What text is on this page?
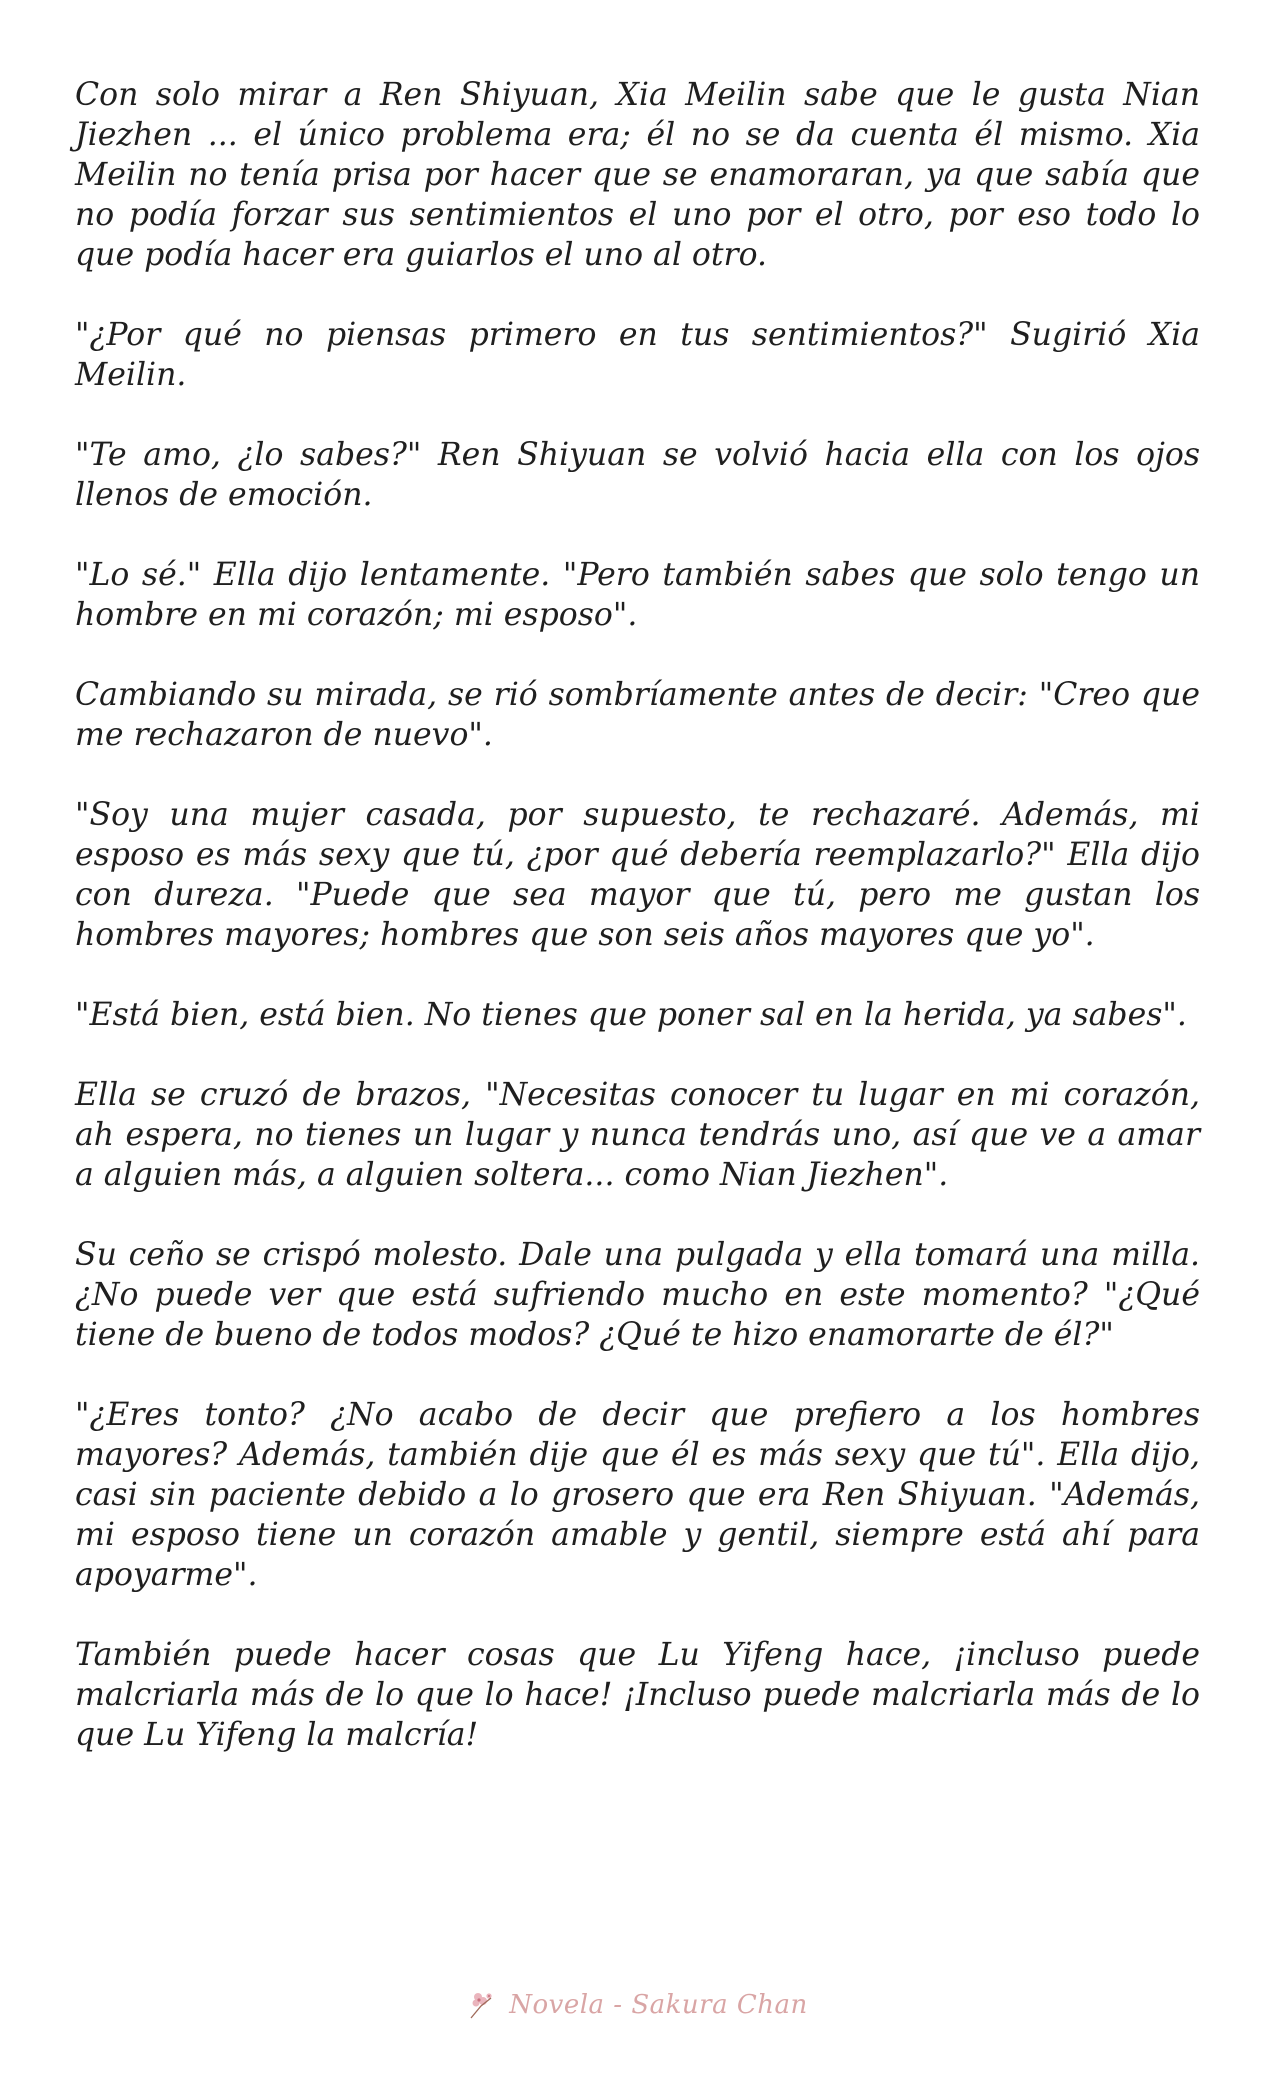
Con solo mirar a Ren Shiyuan, Xia Meilin sabe que le gusta Nian Jiezhen ... el único problema era; él no se da cuenta él mismo. Xia Meilin no tenía prisa por hacer que se enamoraran, ya que sabía que no podía forzar sus sentimientos el uno por el otro, por eso todo lo que podía hacer era guiarlos el uno al otro.

"¿Por qué no piensas primero en tus sentimientos?" Sugirió Xia Meilin.

"Te amo, ¿lo sabes?" Ren Shiyuan se volvió hacia ella con los ojos llenos de emoción.

"Lo sé." Ella dijo lentamente. "Pero también sabes que solo tengo un hombre en mi corazón; mi esposo".

Cambiando su mirada, se rió sombríamente antes de decir: "Creo que me rechazaron de nuevo".

"Soy una mujer casada, por supuesto, te rechazaré. Además, mi esposo es más sexy que tú, ¿por qué debería reemplazarlo?" Ella dijo con dureza. "Puede que sea mayor que tú, pero me gustan los hombres mayores; hombres que son seis años mayores que yo".

"Está bien, está bien. No tienes que poner sal en la herida, ya sabes".

Ella se cruzó de brazos, "Necesitas conocer tu lugar en mi corazón, ah espera, no tienes un lugar y nunca tendrás uno, así que ve a amar a alguien más, a alguien soltera... como Nian Jiezhen".

Su ceño se crispó molesto. Dale una pulgada y ella tomará una milla. ¿No puede ver que está sufriendo mucho en este momento? "¿Qué tiene de bueno de todos modos? ¿Qué te hizo enamorarte de él?"

"¿Eres tonto? ¿No acabo de decir que prefiero a los hombres mayores? Además, también dije que él es más sexy que tú". Ella dijo, casi sin paciente debido a lo grosero que era Ren Shiyuan. "Además, mi esposo tiene un corazón amable y gentil, siempre está ahí para apoyarme".

También puede hacer cosas que Lu Yifeng hace, ¡incluso puede malcriarla más de lo que lo hace! ¡Incluso puede malcriarla más de lo que Lu Yifeng la malcría!

Novela - Sakura Chan
